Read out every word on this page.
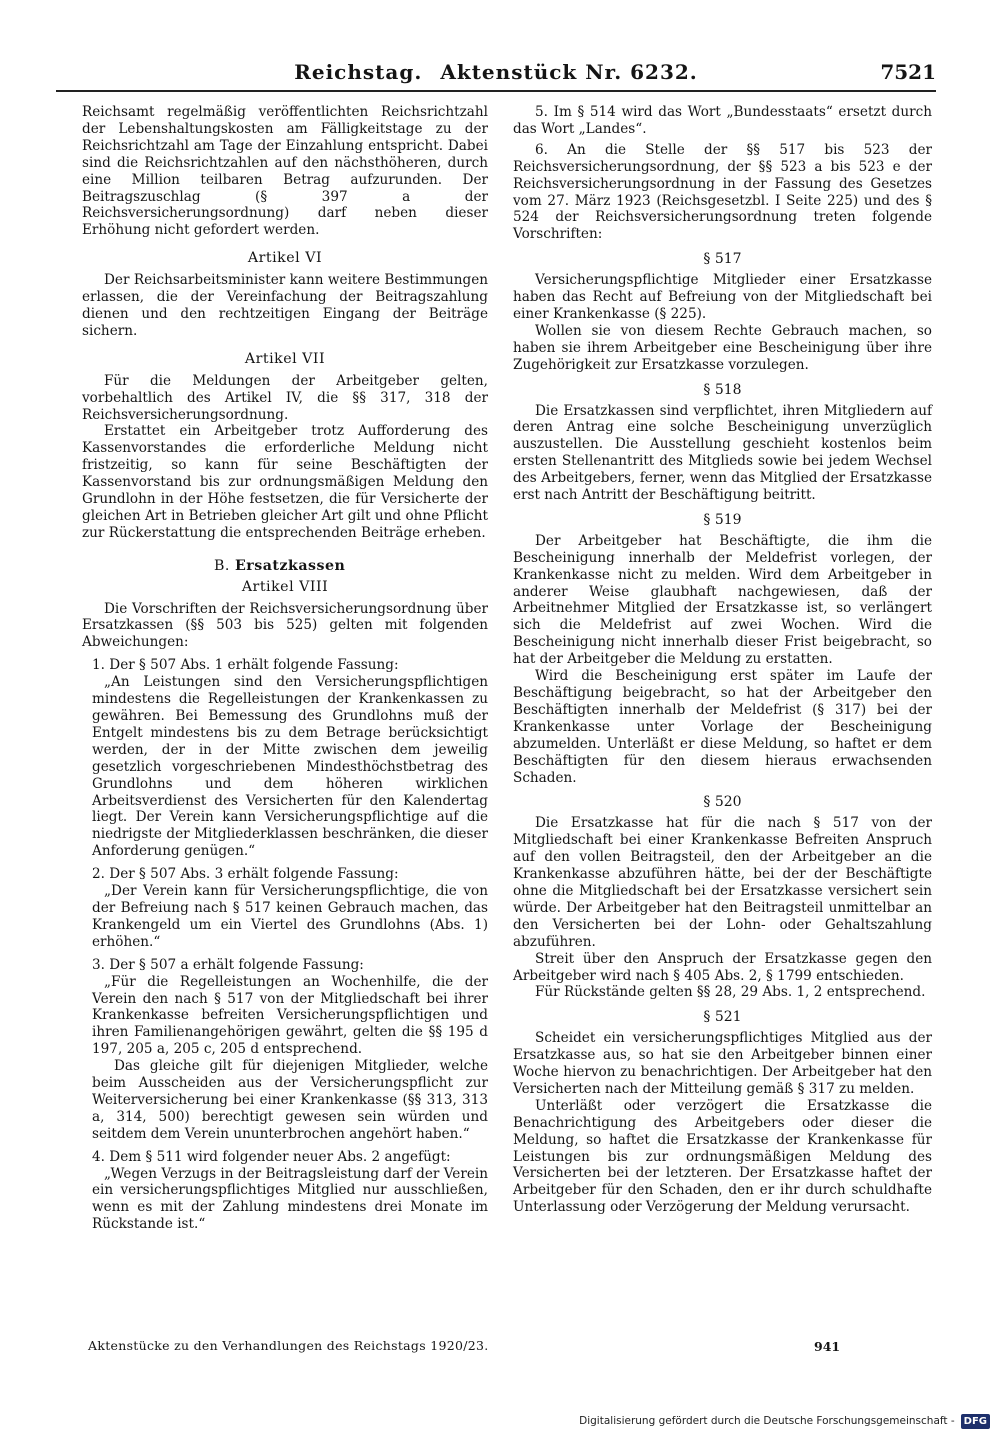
Reichstag. Aktenstück Nr. 6232.	7521

Reichsamt regelmäßig veröffentlichten Reichsrichtzahl der Lebenshaltungskosten am Fälligkeitstage zu der Reichsrichtzahl am Tage der Einzahlung entspricht. Dabei sind die Reichsrichtzahlen auf den nächsthöheren, durch eine Million teilbaren Betrag aufzurunden. Der Beitragszuschlag (§ 397 a der Reichsversicherungsordnung) darf neben dieser Erhöhung nicht gefordert werden.

Artikel VI

Der Reichsarbeitsminister kann weitere Bestimmungen erlassen, die der Vereinfachung der Beitragszahlung dienen und den rechtzeitigen Eingang der Beiträge sichern.

Artikel VII

Für die Meldungen der Arbeitgeber gelten, vorbehaltlich des Artikel IV, die §§ 317, 318 der Reichsversicherungsordnung.

Erstattet ein Arbeitgeber trotz Aufforderung des Kassenvorstandes die erforderliche Meldung nicht fristzeitig, so kann für seine Beschäftigten der Kassenvorstand bis zur ordnungsmäßigen Meldung den Grundlohn in der Höhe festsetzen, die für Versicherte der gleichen Art in Betrieben gleicher Art gilt und ohne Pflicht zur Rückerstattung die entsprechenden Beiträge erheben.

B. Ersatzkassen
Artikel VIII

Die Vorschriften der Reichsversicherungsordnung über Ersatzkassen (§§ 503 bis 525) gelten mit folgenden Abweichungen:

1. Der § 507 Abs. 1 erhält folgende Fassung:

„An Leistungen sind den Versicherungspflichtigen mindestens die Regelleistungen der Krankenkassen zu gewähren. Bei Bemessung des Grundlohns muß der Entgelt mindestens bis zu dem Betrage berücksichtigt werden, der in der Mitte zwischen dem jeweilig gesetzlich vorgeschriebenen Mindesthöchstbetrag des Grundlohns und dem höheren wirklichen Arbeitsverdienst des Versicherten für den Kalendertag liegt. Der Verein kann Versicherungspflichtige auf die niedrigste der Mitgliederklassen beschränken, die dieser Anforderung genügen.“

2. Der § 507 Abs. 3 erhält folgende Fassung:

„Der Verein kann für Versicherungspflichtige, die von der Befreiung nach § 517 keinen Gebrauch machen, das Krankengeld um ein Viertel des Grundlohns (Abs. 1) erhöhen.“

3. Der § 507 a erhält folgende Fassung:

„Für die Regelleistungen an Wochenhilfe, die der Verein den nach § 517 von der Mitgliedschaft bei ihrer Krankenkasse befreiten Versicherungspflichtigen und ihren Familienangehörigen gewährt, gelten die §§ 195 d 197, 205 a, 205 c, 205 d entsprechend.

Das gleiche gilt für diejenigen Mitglieder, welche beim Ausscheiden aus der Versicherungspflicht zur Weiterversicherung bei einer Krankenkasse (§§ 313, 313 a, 314, 500) berechtigt gewesen sein würden und seitdem dem Verein ununterbrochen angehört haben.“

4. Dem § 511 wird folgender neuer Abs. 2 angefügt:

„Wegen Verzugs in der Beitragsleistung darf der Verein ein versicherungspflichtiges Mitglied nur ausschließen, wenn es mit der Zahlung mindestens drei Monate im Rückstande ist.“

5. Im § 514 wird das Wort „Bundesstaats“ ersetzt durch das Wort „Landes“.

6. An die Stelle der §§ 517 bis 523 der Reichsversicherungsordnung, der §§ 523 a bis 523 e der Reichsversicherungsordnung in der Fassung des Gesetzes vom 27. März 1923 (Reichsgesetzbl. I Seite 225) und des § 524 der Reichsversicherungsordnung treten folgende Vorschriften:

§ 517

Versicherungspflichtige Mitglieder einer Ersatzkasse haben das Recht auf Befreiung von der Mitgliedschaft bei einer Krankenkasse (§ 225).

Wollen sie von diesem Rechte Gebrauch machen, so haben sie ihrem Arbeitgeber eine Bescheinigung über ihre Zugehörigkeit zur Ersatzkasse vorzulegen.

§ 518

Die Ersatzkassen sind verpflichtet, ihren Mitgliedern auf deren Antrag eine solche Bescheinigung unverzüglich auszustellen. Die Ausstellung geschieht kostenlos beim ersten Stellenantritt des Mitglieds sowie bei jedem Wechsel des Arbeitgebers, ferner, wenn das Mitglied der Ersatzkasse erst nach Antritt der Beschäftigung beitritt.

§ 519

Der Arbeitgeber hat Beschäftigte, die ihm die Bescheinigung innerhalb der Meldefrist vorlegen, der Krankenkasse nicht zu melden. Wird dem Arbeitgeber in anderer Weise glaubhaft nachgewiesen, daß der Arbeitnehmer Mitglied der Ersatzkasse ist, so verlängert sich die Meldefrist auf zwei Wochen. Wird die Bescheinigung nicht innerhalb dieser Frist beigebracht, so hat der Arbeitgeber die Meldung zu erstatten.

Wird die Bescheinigung erst später im Laufe der Beschäftigung beigebracht, so hat der Arbeitgeber den Beschäftigten innerhalb der Meldefrist (§ 317) bei der Krankenkasse unter Vorlage der Bescheinigung abzumelden. Unterläßt er diese Meldung, so haftet er dem Beschäftigten für den diesem hieraus erwachsenden Schaden.

§ 520

Die Ersatzkasse hat für die nach § 517 von der Mitgliedschaft bei einer Krankenkasse Befreiten Anspruch auf den vollen Beitragsteil, den der Arbeitgeber an die Krankenkasse abzuführen hätte, bei der der Beschäftigte ohne die Mitgliedschaft bei der Ersatzkasse versichert sein würde. Der Arbeitgeber hat den Beitragsteil unmittelbar an den Versicherten bei der Lohn- oder Gehaltszahlung abzuführen.

Streit über den Anspruch der Ersatzkasse gegen den Arbeitgeber wird nach § 405 Abs. 2, § 1799 entschieden.

Für Rückstände gelten §§ 28, 29 Abs. 1, 2 entsprechend.

§ 521

Scheidet ein versicherungspflichtiges Mitglied aus der Ersatzkasse aus, so hat sie den Arbeitgeber binnen einer Woche hiervon zu benachrichtigen. Der Arbeitgeber hat den Versicherten nach der Mitteilung gemäß § 317 zu melden.

Unterläßt oder verzögert die Ersatzkasse die Benachrichtigung des Arbeitgebers oder dieser die Meldung, so haftet die Ersatzkasse der Krankenkasse für Leistungen bis zur ordnungsmäßigen Meldung des Versicherten bei der letzteren. Der Ersatzkasse haftet der Arbeitgeber für den Schaden, den er ihr durch schuldhafte Unterlassung oder Verzögerung der Meldung verursacht.

Aktenstücke zu den Verhandlungen des Reichstags 1920/23.	941
Digitalisierung gefördert durch die Deutsche Forschungsgemeinschaft - DFG
